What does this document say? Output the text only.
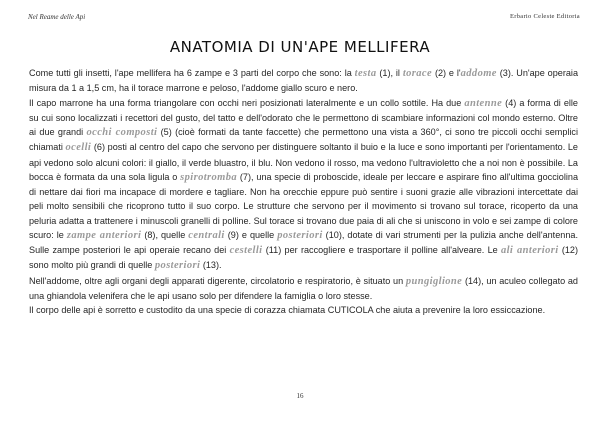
Nel Reame delle Api	Erbario Celeste Editoria
ANATOMIA DI UN'APE MELLIFERA

Come tutti gli insetti, l'ape mellifera ha 6 zampe e 3 parti del corpo che sono: la testa (1), il torace (2) e l'addome (3). Un'ape operaia misura da 1 a 1,5 cm, ha il torace marrone e peloso, l'addome giallo scuro e nero.

Il capo marrone ha una forma triangolare con occhi neri posizionati lateralmente e un collo sottile. Ha due antenne (4) a forma di elle su cui sono localizzati i recettori del gusto, del tatto e dell'odorato che le permettono di scambiare informazioni col mondo esterno. Oltre ai due grandi occhi composti (5) (cioè formati da tante faccette) che permettono una vista a 360°, ci sono tre piccoli occhi semplici chiamati ocelli (6) posti al centro del capo che servono per distinguere soltanto il buio e la luce e sono importanti per l'orientamento. Le api vedono solo alcuni colori: il giallo, il verde bluastro, il blu. Non vedono il rosso, ma vedono l'ultravioletto che a noi non è possibile. La bocca è formata da una sola ligula o spirotromba (7), una specie di proboscide, ideale per leccare e aspirare fino all'ultima gocciolina di nettare dai fiori ma incapace di mordere e tagliare. Non ha orecchie eppure può sentire i suoni grazie alle vibrazioni intercettate dai peli molto sensibili che ricoprono tutto il suo corpo. Le strutture che servono per il movimento si trovano sul torace, ricoperto da una peluria adatta a trattenere i minuscoli granelli di polline. Sul torace si trovano due paia di ali che si uniscono in volo e sei zampe di colore scuro: le zampe anteriori (8), quelle centrali (9) e quelle posteriori (10), dotate di vari strumenti per la pulizia anche dell'antenna. Sulle zampe posteriori le api operaie recano dei cestelli (11) per raccogliere e trasportare il polline all'alveare. Le ali anteriori (12) sono molto più grandi di quelle posteriori (13).

Nell'addome, oltre agli organi degli apparati digerente, circolatorio e respiratorio, è situato un pungiglione (14), un aculeo collegato ad una ghiandola velenifera che le api usano solo per difendere la famiglia o loro stesse.

Il corpo delle api è sorretto e custodito da una specie di corazza chiamata CUTICOLA che aiuta a prevenire la loro essiccazione.

16
